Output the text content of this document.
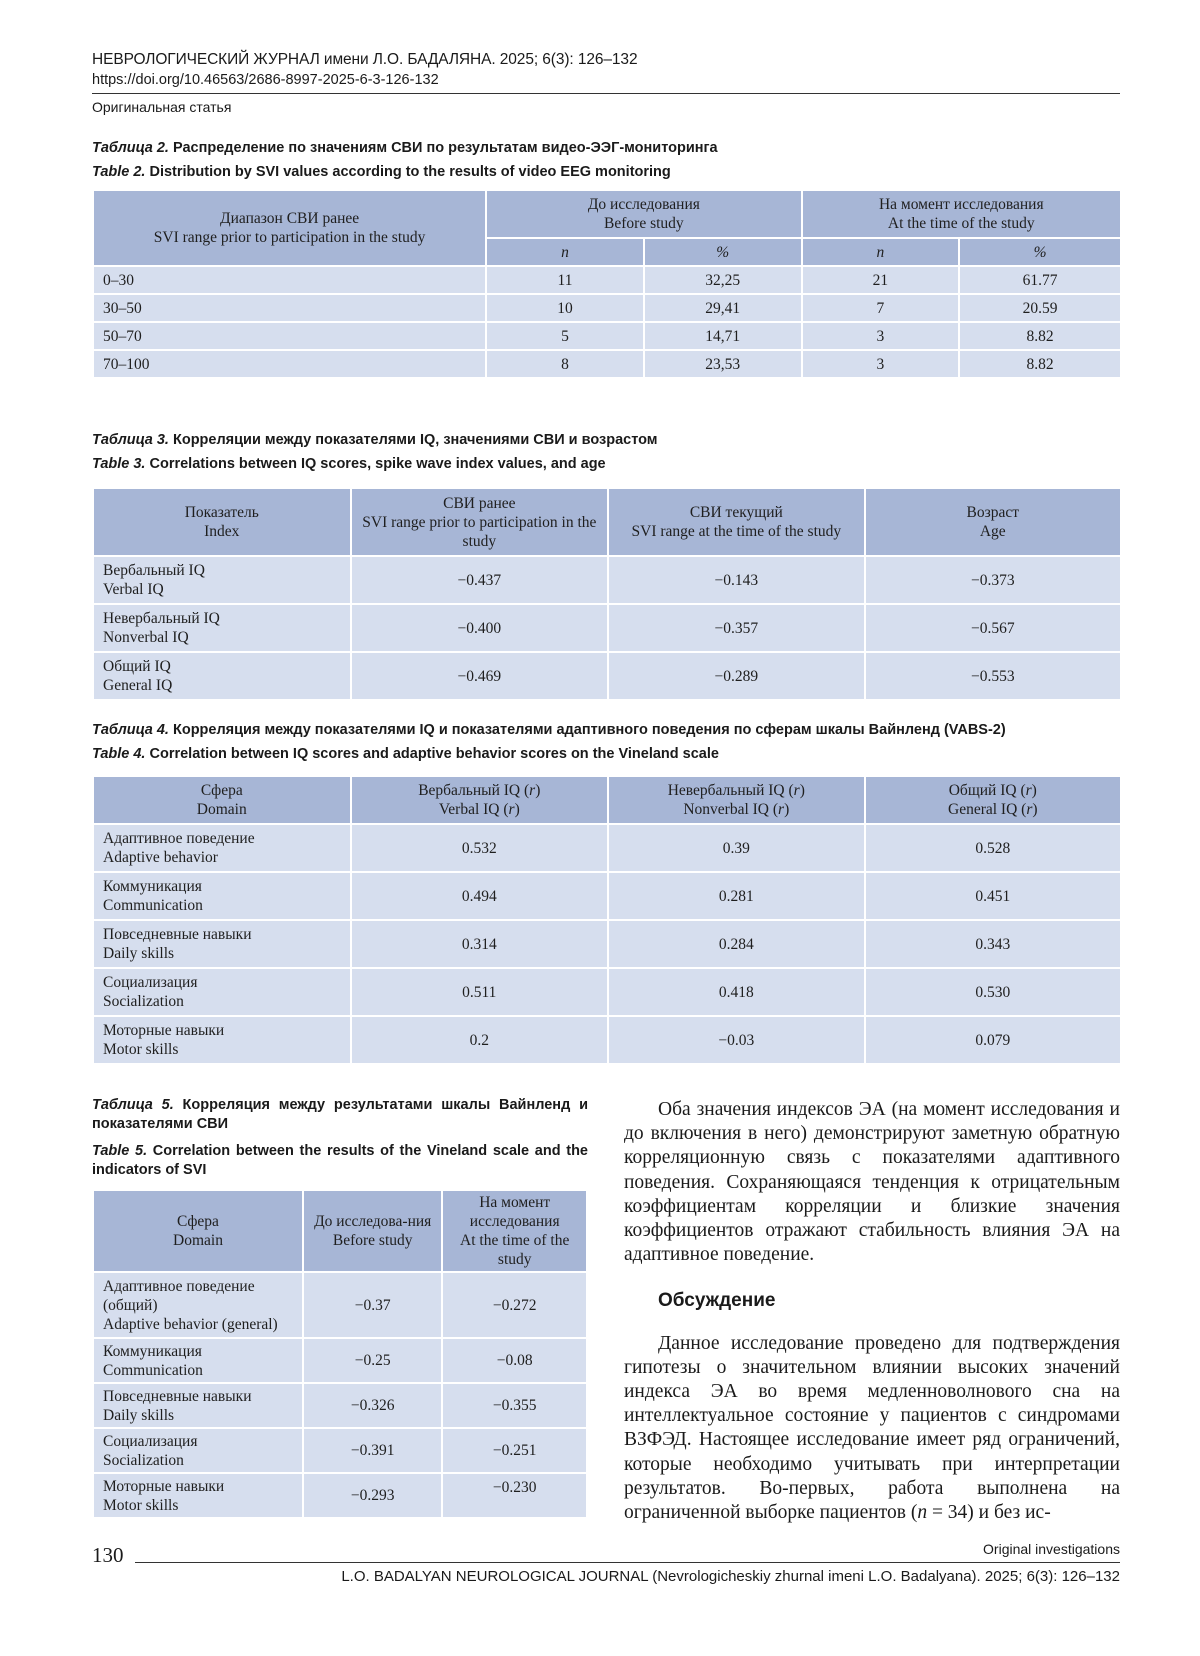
НЕВРОЛОГИЧЕСКИЙ ЖУРНАЛ имени Л.О. БАДАЛЯНА. 2025; 6(3): 126–132
https://doi.org/10.46563/2686-8997-2025-6-3-126-132
Оригинальная статья
Таблица 2. Распределение по значениям СВИ по результатам видео-ЭЭГ-мониторинга
Table 2. Distribution by SVI values according to the results of video EEG monitoring
Диапазон СВИ ранее
SVI range prior to participation in the study	До исследования
Before study		На момент исследования
At the time of the study	
	n	%	n	%
0–30	11	32,25	21	61.77
30–50	10	29,41	7	20.59
50–70	5	14,71	3	8.82
70–100	8	23,53	3	8.82
Таблица 3. Корреляции между показателями IQ, значениями СВИ и возрастом
Table 3. Correlations between IQ scores, spike wave index values, and age
Показатель
Index	СВИ ранее
SVI range prior to participation in the study	СВИ текущий
SVI range at the time of the study	Возраст
Age
Вербальный IQ
Verbal IQ	−0.437	−0.143	−0.373
Невербальный IQ
Nonverbal IQ	−0.400	−0.357	−0.567
Общий IQ
General IQ	−0.469	−0.289	−0.553
Таблица 4. Корреляция между показателями IQ и показателями адаптивного поведения по сферам шкалы Вайнленд (VABS-2)
Table 4. Correlation between IQ scores and adaptive behavior scores on the Vineland scale
Сфера
Domain	Вербальный IQ (r)
Verbal IQ (r)	Невербальный IQ (r)
Nonverbal IQ (r)	Общий IQ (r)
General IQ (r)
Адаптивное поведение
Adaptive behavior	0.532	0.39	0.528
Коммуникация
Communication	0.494	0.281	0.451
Повседневные навыки
Daily skills	0.314	0.284	0.343
Социализация
Socialization	0.511	0.418	0.530
Моторные навыки
Motor skills	0.2	−0.03	0.079
Таблица 5. Корреляция между результатами шкалы Вайнленд и показателями СВИ
Table 5. Correlation between the results of the Vineland scale and the indicators of SVI
Сфера
Domain	До исследова-ния
Before study	На момент исследования
At the time of the study
Адаптивное поведение (общий)
Adaptive behavior (general)	−0.37	−0.272
Коммуникация
Communication	−0.25	−0.08
Повседневные навыки
Daily skills	−0.326	−0.355
Социализация
Socialization	−0.391	−0.251
Моторные навыки
Motor skills	−0.293	−0.230

Оба значения индексов ЭА (на момент исследования и до включения в него) демонстрируют заметную обратную корреляционную связь с показателями адаптивного поведения. Сохраняющаяся тенденция к отрицательным коэффициентам корреляции и близкие значения коэффициентов отражают стабильность влияния ЭА на адаптивное поведение.

Обсуждение

Данное исследование проведено для подтверждения гипотезы о значительном влиянии высоких значений индекса ЭА во время медленноволнового сна на интеллектуальное состояние у пациентов с синдромами ВЗФЭД. Настоящее исследование имеет ряд ограничений, которые необходимо учитывать при интерпретации результатов. Во-первых, работа выполнена на ограниченной выборке пациентов (n = 34) и без ис-

130	Original investigations
L.O. BADALYAN NEUROLOGICAL JOURNAL (Nevrologicheskiy zhurnal imeni L.O. Badalyana). 2025; 6(3): 126–132
